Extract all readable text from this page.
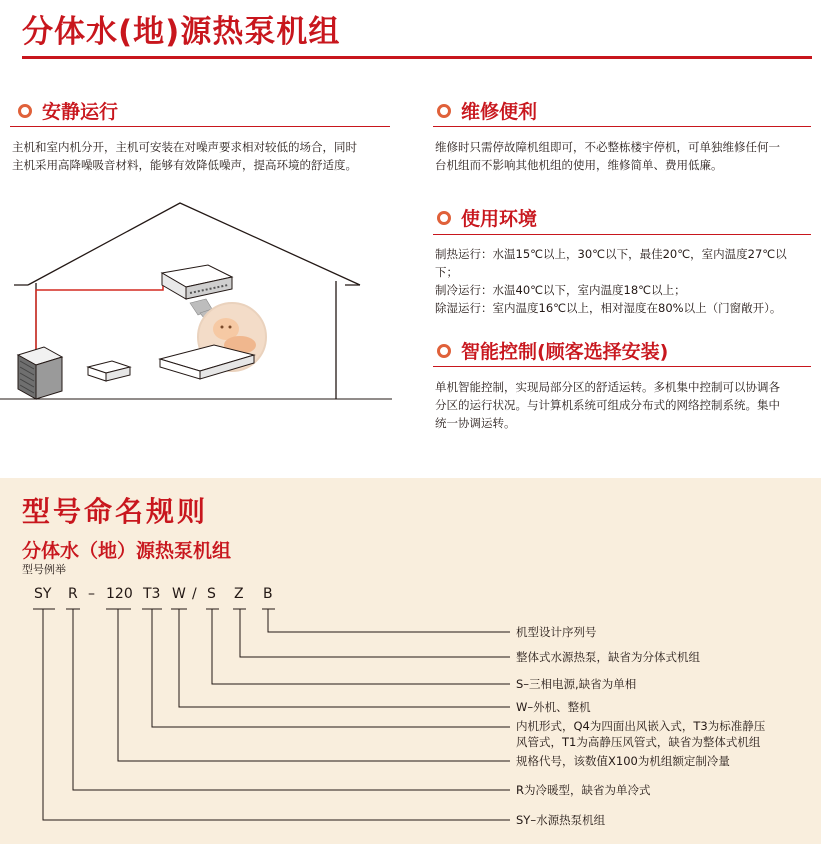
分体水(地)源热泵机组
安静运行
主机和室内机分开，主机可安装在对噪声要求相对较低的场合，同时
主机采用高降噪吸音材料，能够有效降低噪声，提高环境的舒适度。
维修便利
维修时只需停故障机组即可，不必整栋楼宇停机，可单独维修任何一
台机组而不影响其他机组的使用，维修简单、费用低廉。
使用环境
制热运行：水温15℃以上，30℃以下，最佳20℃，室内温度27℃以
下；
制冷运行：水温40℃以下，室内温度18℃以上；
除湿运行：室内温度16℃以上，相对湿度在80%以上（门窗敞开）。
智能控制(顾客选择安装)
单机智能控制，实现局部分区的舒适运转。多机集中控制可以协调各
分区的运行状况。与计算机系统可组成分布式的网络控制系统。集中
统一协调运转。
型号命名规则
分体水（地）源热泵机组
型号例举
SY R – 120 T3 W / S Z B
机型设计序列号
整体式水源热泵，缺省为分体式机组
S–三相电源,缺省为单相
W–外机、整机
内机形式，Q4为四面出风嵌入式，T3为标准静压
风管式，T1为高静压风管式，缺省为整体式机组
规格代号，该数值X100为机组额定制冷量
R为冷暖型，缺省为单冷式
SY–水源热泵机组
